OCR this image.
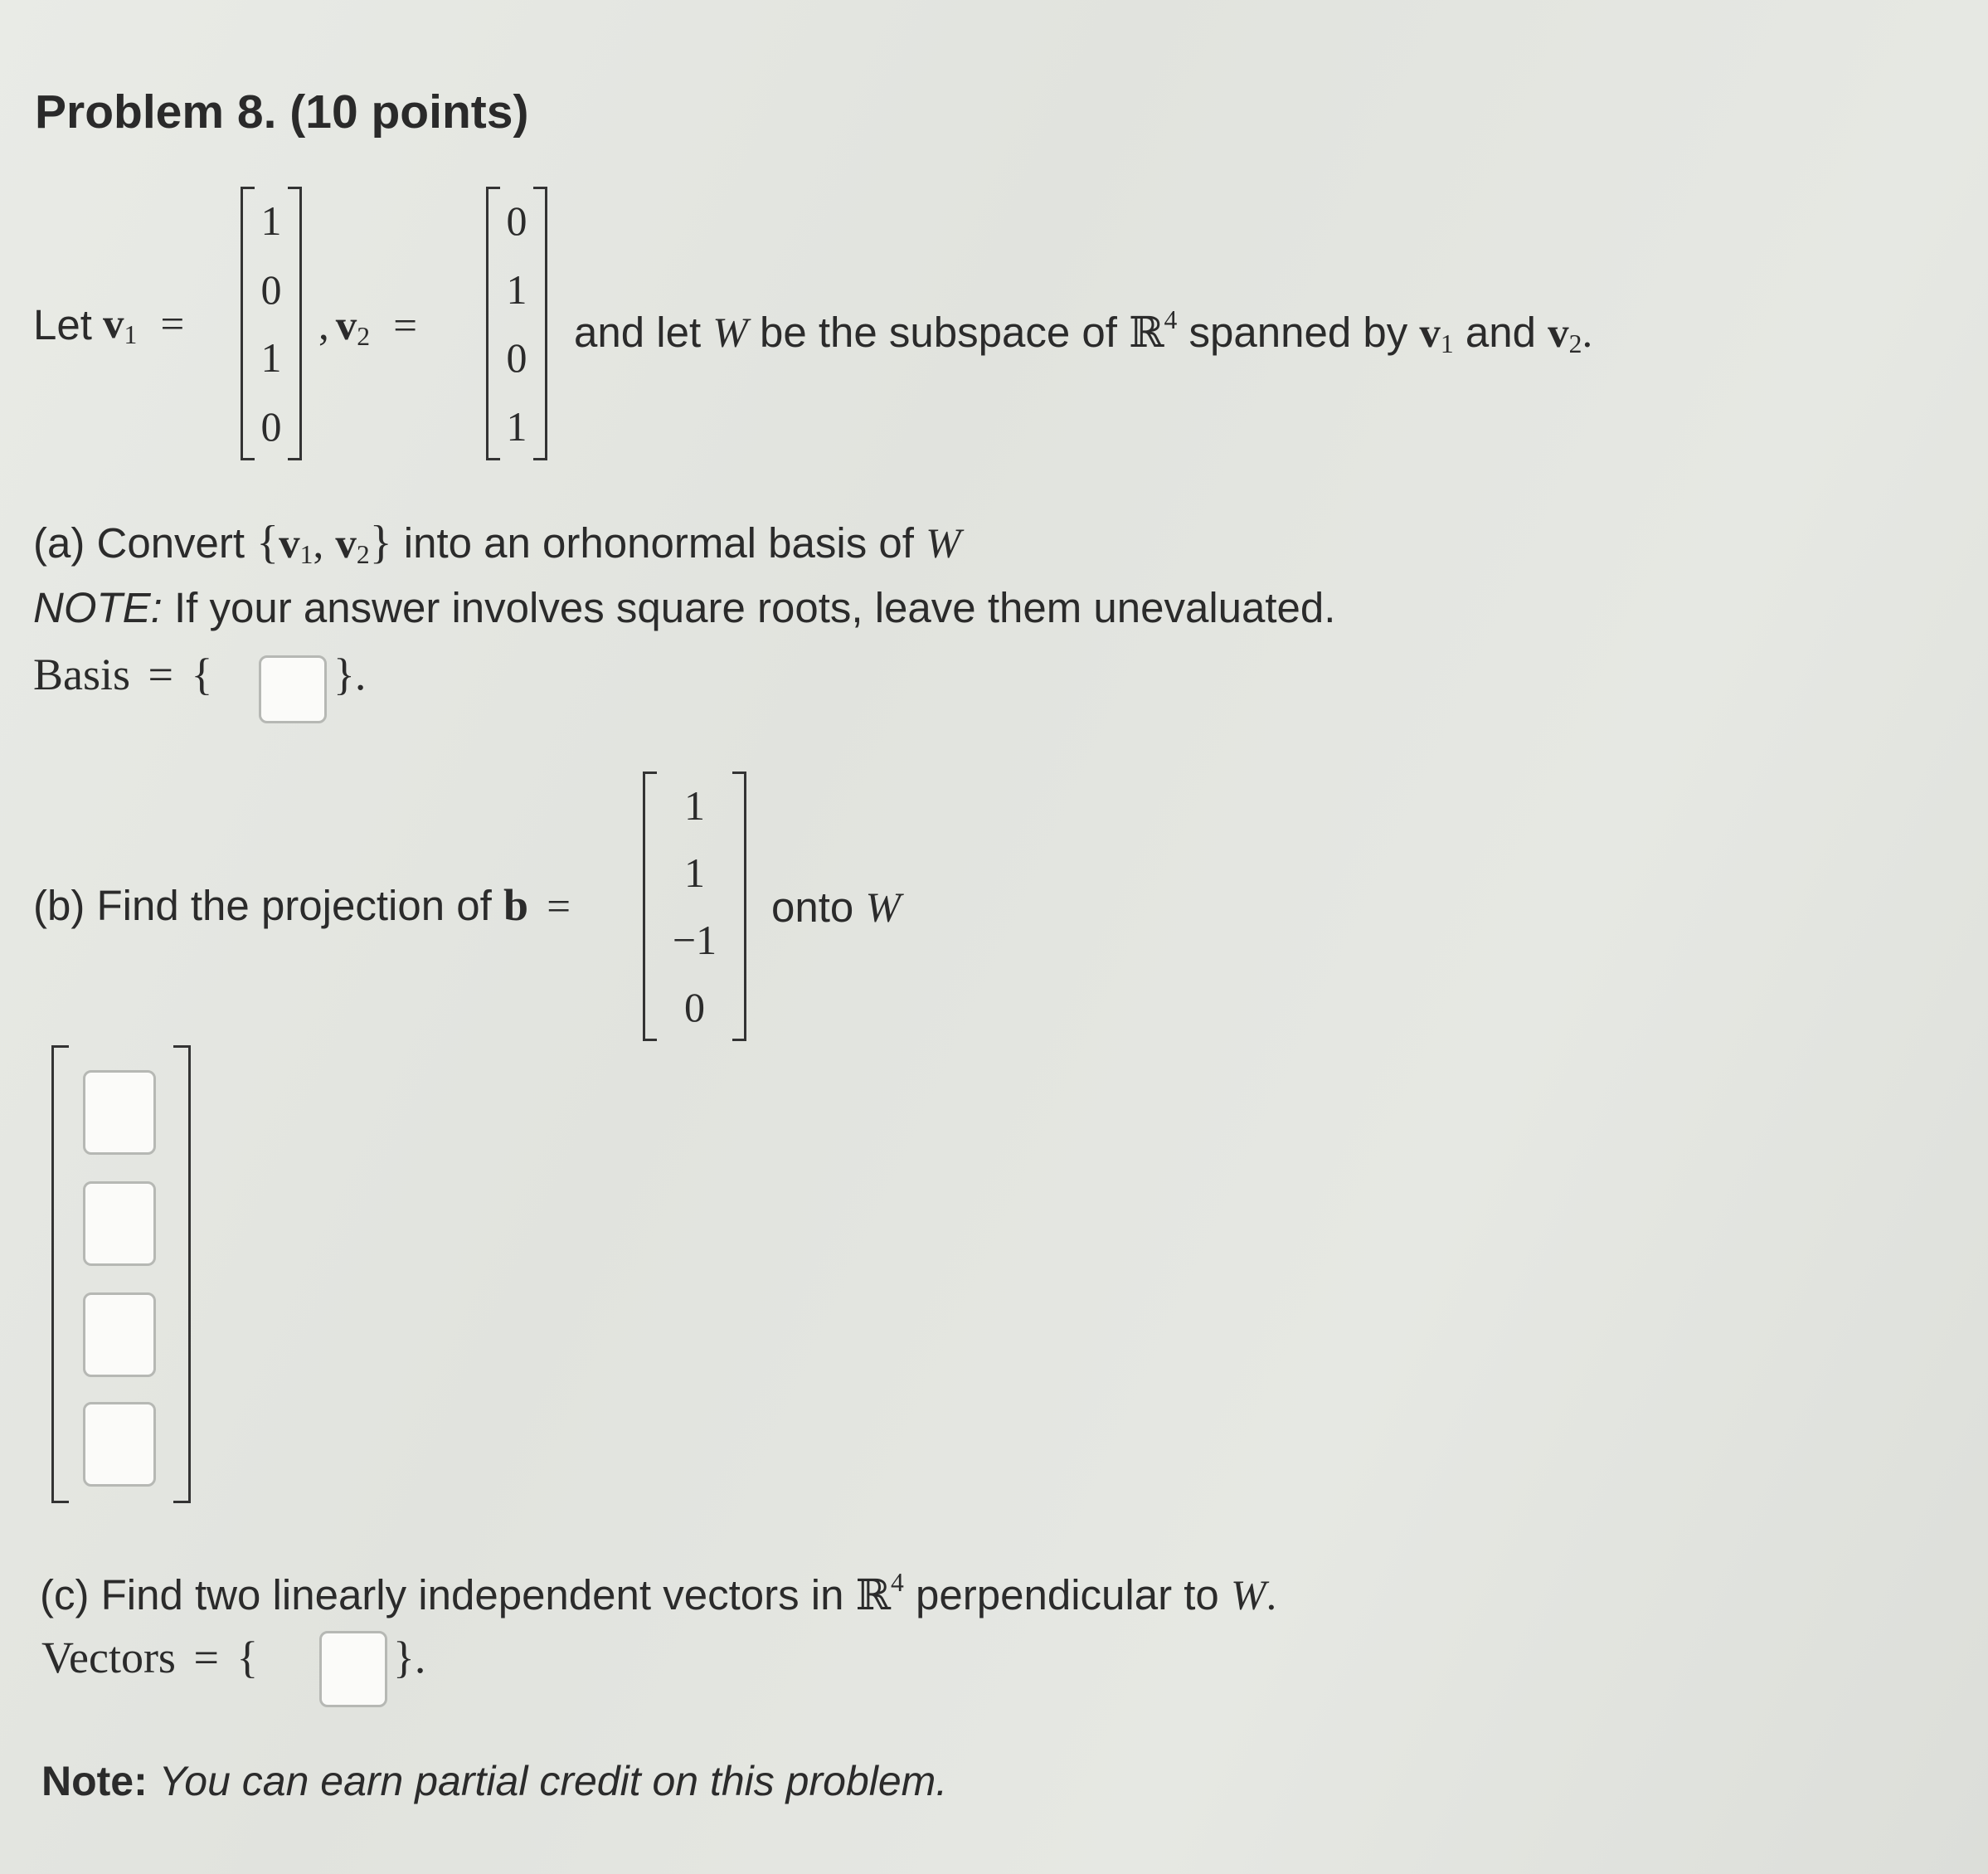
Problem 8. (10 points)
Let $v_1$ =
1
0
1
0
, $v_2$ =
0
1
0
1
and let W be the subspace of ℝ$^4$ spanned by $v_1$ and $v_2$.
(a) Convert {$v_1$, $v_2$} into an orhonormal basis of W
NOTE: If your answer involves square roots, leave them unevaluated.
Basis = {	}.
(b) Find the projection of b =
1
1
−1
0
onto W
(c) Find two linearly independent vectors in ℝ$^4$ perpendicular to W.
Vectors = {	}.
Note: You can earn partial credit on this problem.
